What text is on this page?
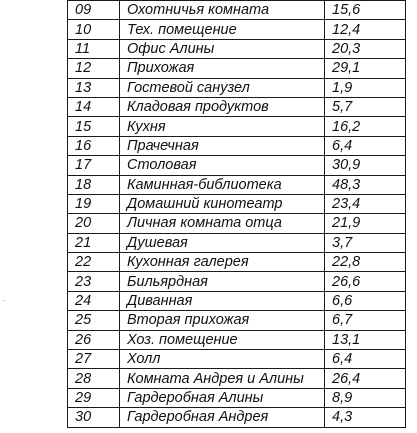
09	Охотничья комната	15,6
10	Тех. помещение	12,4
11	Офис Алины	20,3
12	Прихожая	29,1
13	Гостевой санузел	1,9
14	Кладовая продуктов	5,7
15	Кухня	16,2
16	Прачечная	6,4
17	Столовая	30,9
18	Каминная-библиотека	48,3
19	Домашний кинотеатр	23,4
20	Личная комната отца	21,9
21	Душевая	3,7
22	Кухонная галерея	22,8
23	Бильярдная	26,6
24	Диванная	6,6
25	Вторая прихожая	6,7
26	Хоз. помещение	13,1
27	Холл	6,4
28	Комната Андрея и Алины	26,4
29	Гардеробная Алины	8,9
30	Гардеробная Андрея	4,3
